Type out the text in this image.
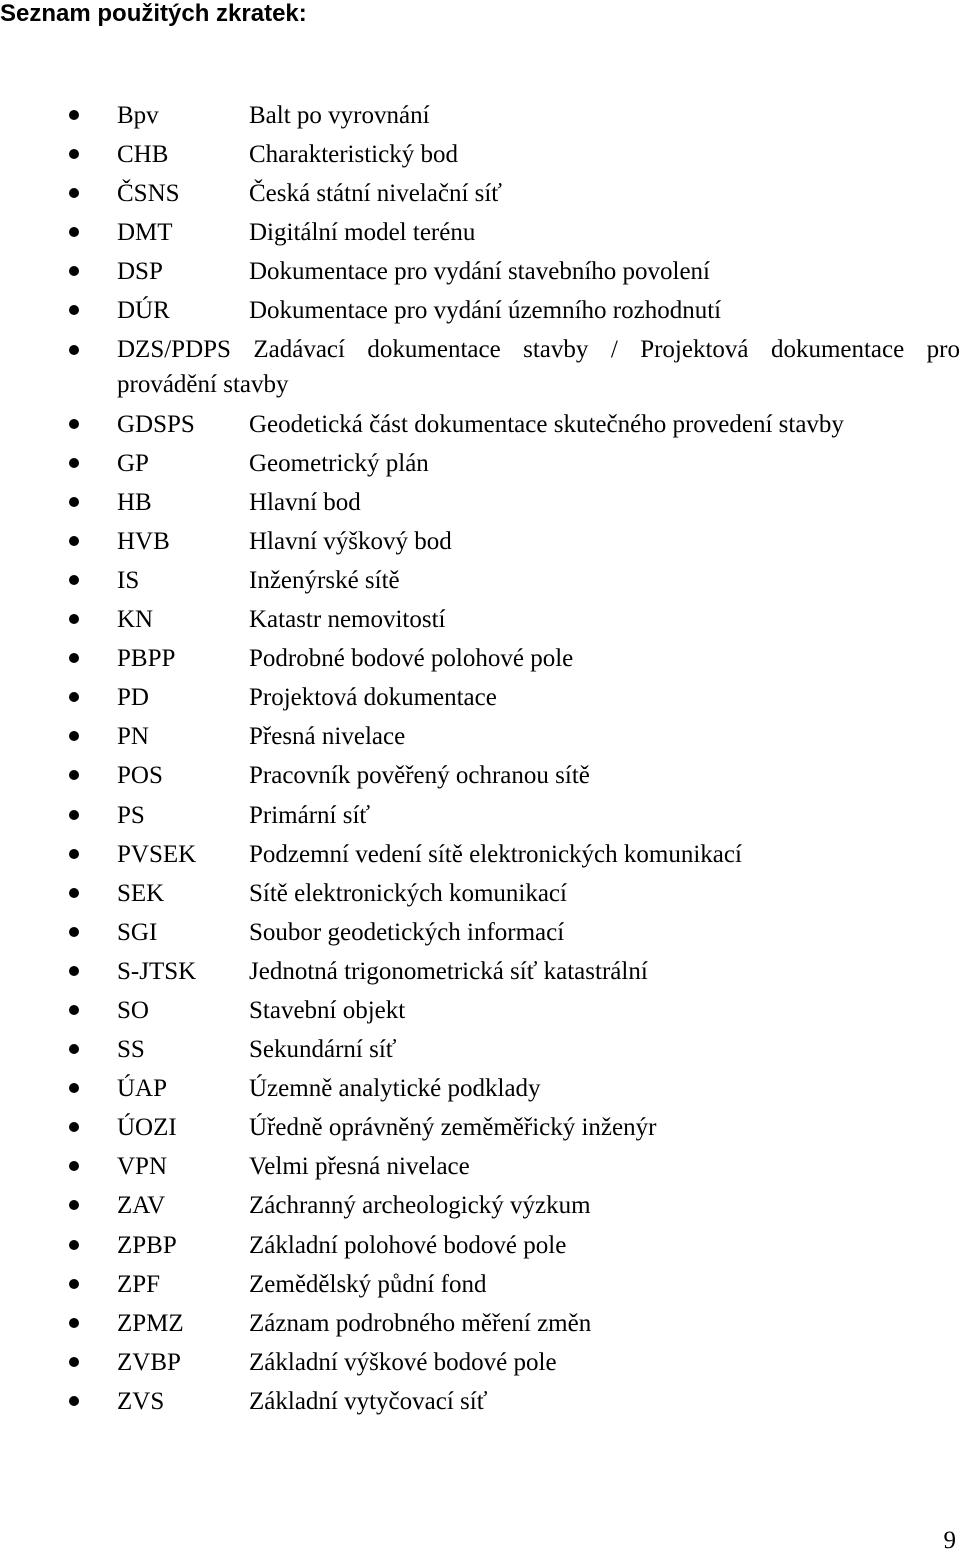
Seznam použitých zkratek:
Bpv	Balt po vyrovnání
CHB	Charakteristický bod
ČSNS	Česká státní nivelační síť
DMT	Digitální model terénu
DSP	Dokumentace pro vydání stavebního povolení
DÚR	Dokumentace pro vydání územního rozhodnutí
DZS/PDPS Zadávací dokumentace stavby / Projektová dokumentace pro
provádění stavby
GDSPS Geodetická část dokumentace skutečného provedení stavby
GP	Geometrický plán
HB	Hlavní bod
HVB	Hlavní výškový bod
IS	Inženýrské sítě
KN	Katastr nemovitostí
PBPP	Podrobné bodové polohové pole
PD	Projektová dokumentace
PN	Přesná nivelace
POS	Pracovník pověřený ochranou sítě
PS	Primární síť
PVSEK Podzemní vedení sítě elektronických komunikací
SEK	Sítě elektronických komunikací
SGI	Soubor geodetických informací
S-JTSK Jednotná trigonometrická síť katastrální
SO	Stavební objekt
SS	Sekundární síť
ÚAP	Územně analytické podklady
ÚOZI	Úředně oprávněný zeměměřický inženýr
VPN	Velmi přesná nivelace
ZAV	Záchranný archeologický výzkum
ZPBP	Základní polohové bodové pole
ZPF	Zemědělský půdní fond
ZPMZ	Záznam podrobného měření změn
ZVBP	Základní výškové bodové pole
ZVS	Základní vytyčovací síť
9
